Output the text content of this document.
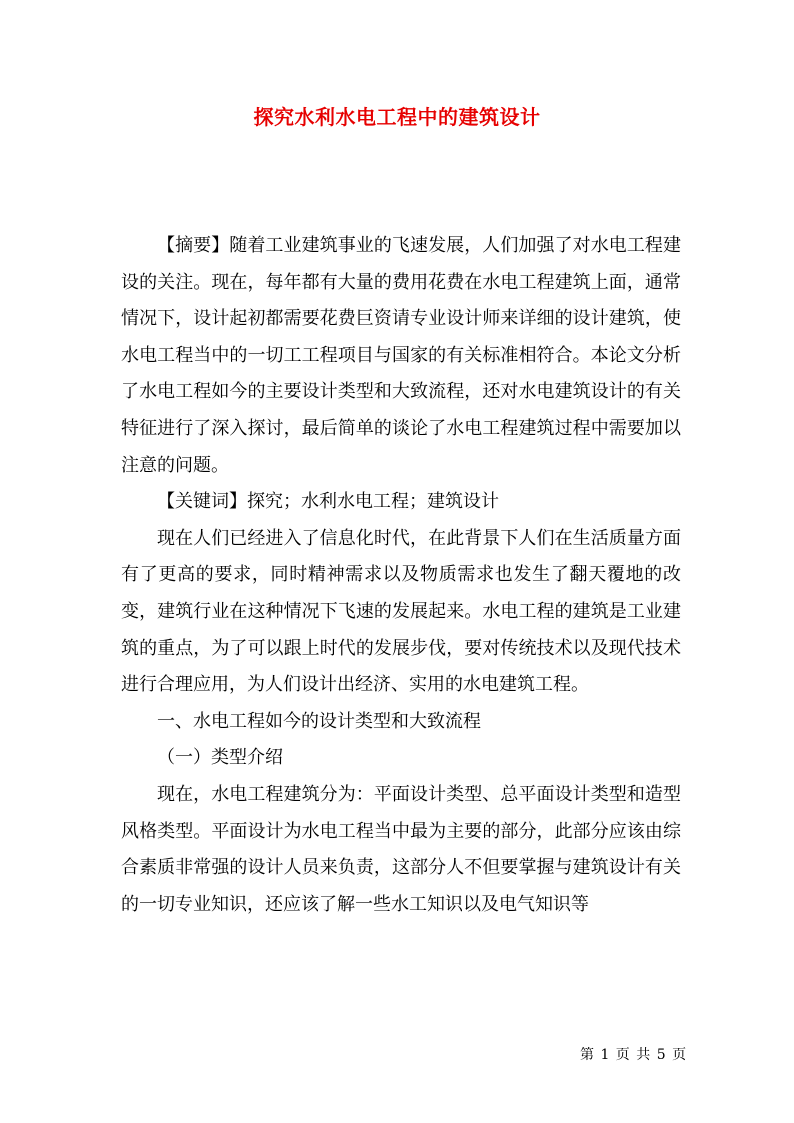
探究水利水电工程中的建筑设计

【摘要】随着工业建筑事业的飞速发展，人们加强了对水电工程建设的关注。现在，每年都有大量的费用花费在水电工程建筑上面，通常情况下，设计起初都需要花费巨资请专业设计师来详细的设计建筑，使水电工程当中的一切工工程项目与国家的有关标准相符合。本论文分析了水电工程如今的主要设计类型和大致流程，还对水电建筑设计的有关特征进行了深入探讨，最后简单的谈论了水电工程建筑过程中需要加以注意的问题。

【关键词】探究；水利水电工程；建筑设计

现在人们已经进入了信息化时代，在此背景下人们在生活质量方面有了更高的要求，同时精神需求以及物质需求也发生了翻天覆地的改变，建筑行业在这种情况下飞速的发展起来。水电工程的建筑是工业建筑的重点，为了可以跟上时代的发展步伐，要对传统技术以及现代技术进行合理应用，为人们设计出经济、实用的水电建筑工程。

一、水电工程如今的设计类型和大致流程

（一）类型介绍

现在，水电工程建筑分为：平面设计类型、总平面设计类型和造型风格类型。平面设计为水电工程当中最为主要的部分，此部分应该由综合素质非常强的设计人员来负责，这部分人不但要掌握与建筑设计有关的一切专业知识，还应该了解一些水工知识以及电气知识等

第 1 页 共 5 页
